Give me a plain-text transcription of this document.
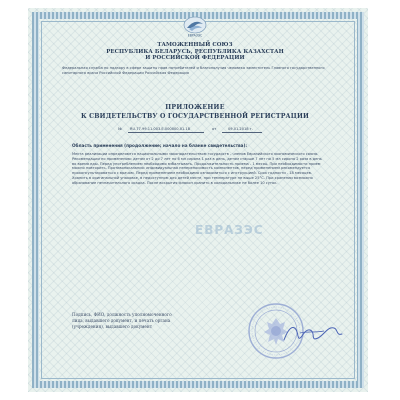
EBPA3ЭC
ТАМОЖЕННЫЙ СОЮЗ
РЕСПУБЛИКА БЕЛАРУСЬ, РЕСПУБЛИКА КАЗАХСТАН
И РОССИЙСКОЙ ФЕДЕРАЦИИ
Федеральная служба по надзору в сфере защиты прав потребителей и благополучия человека заместитель Главного государственного санитарного врача Российской Федерации Российская Федерация
ПРИЛОЖЕНИЕ
К СВИДЕТЕЛЬСТВУ О ГОСУДАРСТВЕННОЙ РЕГИСТРАЦИИ
№ RU.77.99.11.003.E.000000.01.18	от	09.01.2018 г.
Область применения (продолжение; начало на бланке свидетельства):
Места реализации определяются национальными законодательством государств - членов Евразийского экономического союза. Рекомендации по применению: детям от 2 до 7 лет по 6 мл сиропа 1 раз в день, детям старше 7 лет по 5 мл сиропа 2 раза в день во время еды. Перед употреблением необходимо взбалтывать. Продолжительность приема - 1 месяц. При необходимости прием можно повторить. Противопоказания: индивидуальная непереносимость компонентов, перед применением рекомендуется проконсультироваться с врачом. Перед применением необходимо ознакомиться с инструкцией. Срок годности - 18 месяцев. Хранить в оригинальной упаковке, в недоступном для детей месте, при температуре не выше 25°С. При хранении возможно образование незначительного осадка. После вскрытия флакон хранить в холодильнике не более 10 суток.
ЕВРАЗЭС
Подпись, ФИО, должность уполномоченного
лица, выдавшего документ, и печать органа
(учреждения), выдавшего документ
